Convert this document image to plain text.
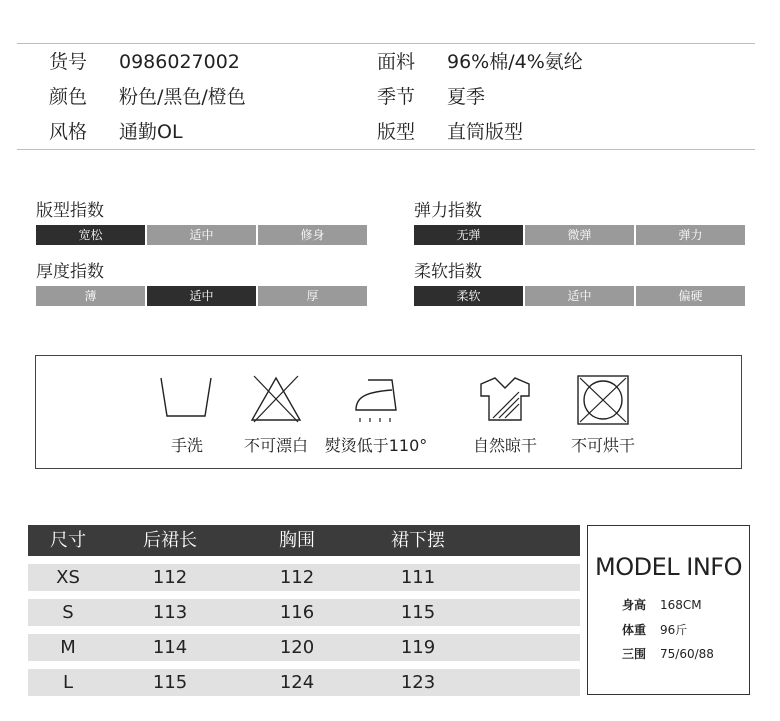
货号 0986027002	面料 96%棉/4%氨纶
颜色 粉色/黑色/橙色	季节 夏季
风格 通勤OL	版型 直筒版型
版型指数
宽松	适中	修身
弹力指数
无弹	微弹	弹力
厚度指数
薄	适中	厚
柔软指数
柔软	适中	偏硬
手洗	不可漂白	熨烫低于110°	自然晾干	不可烘干
尺寸	后裙长	胸围	裙下摆
XS	112	112	111
S	113	116	115
M	114	120	119
L	115	124	123
MODEL INFO
身高 168CM
体重 96斤
三围 75/60/88
